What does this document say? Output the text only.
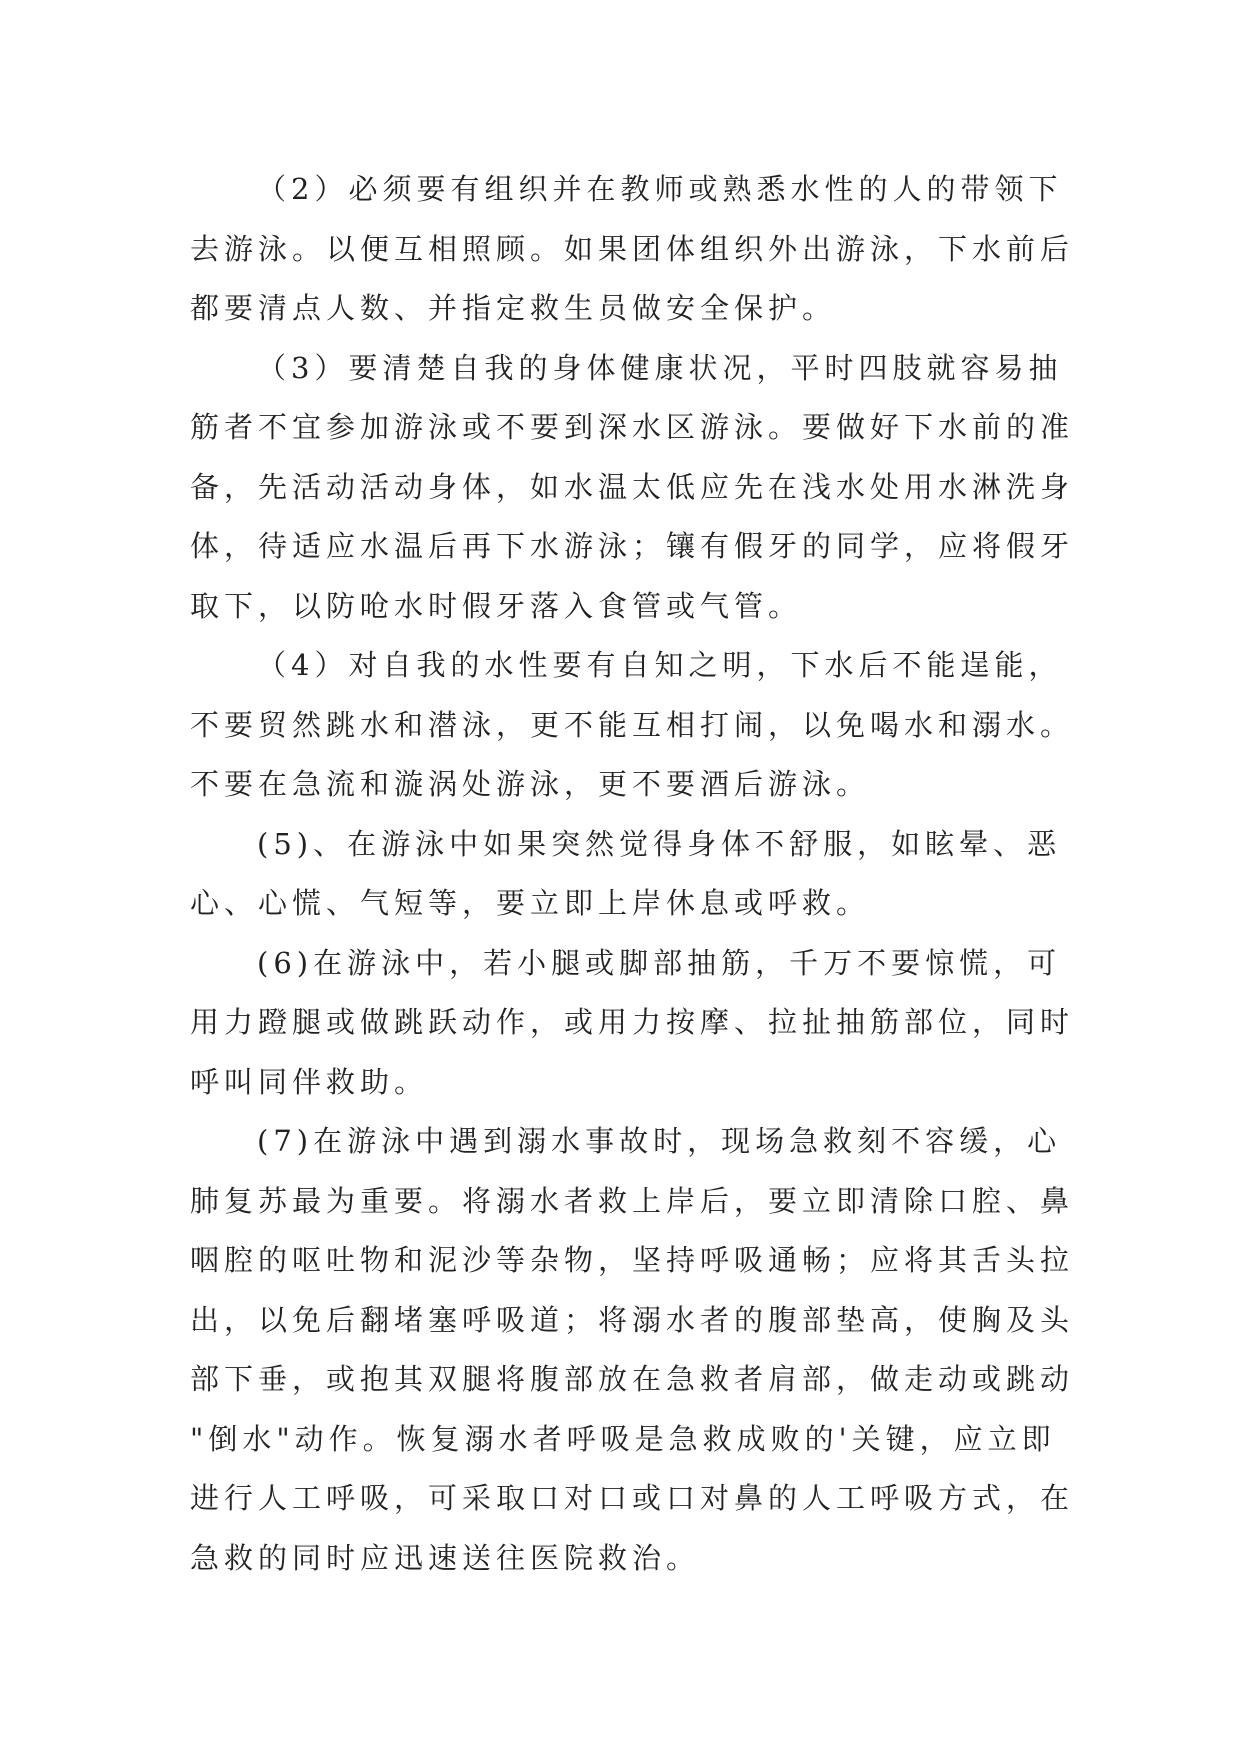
（2）必须要有组织并在教师或熟悉水性的人的带领下
去游泳。以便互相照顾。如果团体组织外出游泳，下水前后
都要清点人数、并指定救生员做安全保护。
（3）要清楚自我的身体健康状况，平时四肢就容易抽
筋者不宜参加游泳或不要到深水区游泳。要做好下水前的准
备，先活动活动身体，如水温太低应先在浅水处用水淋洗身
体，待适应水温后再下水游泳；镶有假牙的同学，应将假牙
取下，以防呛水时假牙落入食管或气管。
（4）对自我的水性要有自知之明，下水后不能逞能，
不要贸然跳水和潜泳，更不能互相打闹，以免喝水和溺水。
不要在急流和漩涡处游泳，更不要酒后游泳。
(5)、在游泳中如果突然觉得身体不舒服，如眩晕、恶
心、心慌、气短等，要立即上岸休息或呼救。
(6)在游泳中，若小腿或脚部抽筋，千万不要惊慌，可
用力蹬腿或做跳跃动作，或用力按摩、拉扯抽筋部位，同时
呼叫同伴救助。
(7)在游泳中遇到溺水事故时，现场急救刻不容缓，心
肺复苏最为重要。将溺水者救上岸后，要立即清除口腔、鼻
咽腔的呕吐物和泥沙等杂物，坚持呼吸通畅；应将其舌头拉
出，以免后翻堵塞呼吸道；将溺水者的腹部垫高，使胸及头
部下垂，或抱其双腿将腹部放在急救者肩部，做走动或跳动
"倒水"动作。恢复溺水者呼吸是急救成败的'关键，应立即
进行人工呼吸，可采取口对口或口对鼻的人工呼吸方式，在
急救的同时应迅速送往医院救治。
